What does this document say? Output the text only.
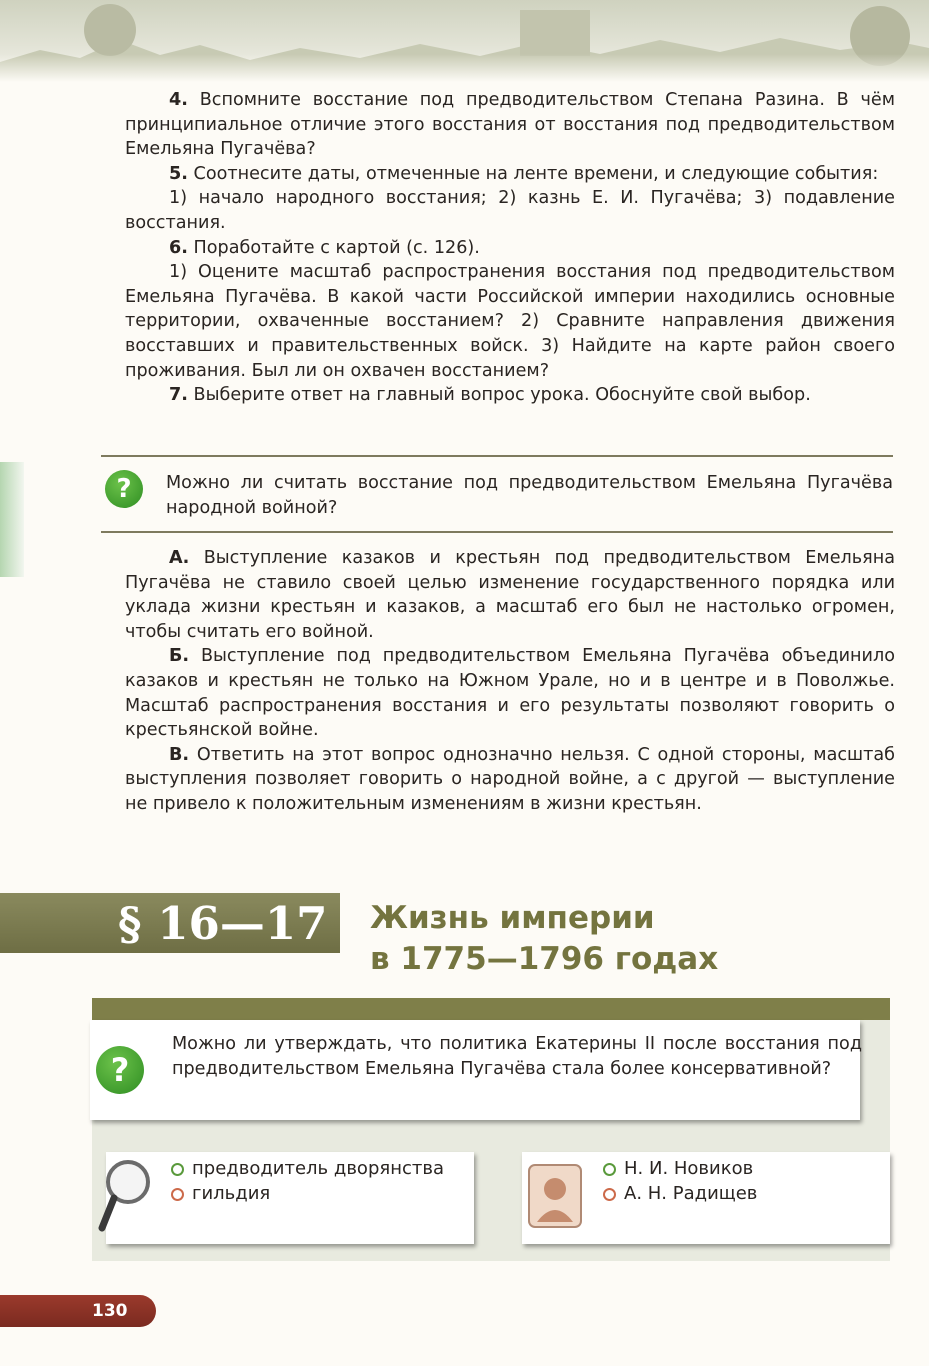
4. Вспомните восстание под предводительством Степана Разина. В чём принципиальное отличие этого восстания от восстания под предводительством Емельяна Пугачёва?

5. Соотнесите даты, отмеченные на ленте времени, и следующие события:

1) начало народного восстания; 2) казнь Е. И. Пугачёва; 3) подавление восстания.

6. Поработайте с картой (с. 126).

1) Оцените масштаб распространения восстания под предводительством Емельяна Пугачёва. В какой части Российской империи находились основные территории, охваченные восстанием? 2) Сравните направления движения восставших и правительственных войск. 3) Найдите на карте район своего проживания. Был ли он охвачен восстанием?

7. Выберите ответ на главный вопрос урока. Обоснуйте свой выбор.

?	Можно ли считать восстание под предводительством Емельяна Пугачёва народной войной?

А. Выступление казаков и крестьян под предводительством Емельяна Пугачёва не ставило своей целью изменение государственного порядка или уклада жизни крестьян и казаков, а масштаб его был не настолько огромен, чтобы считать его войной.

Б. Выступление под предводительством Емельяна Пугачёва объединило казаков и крестьян не только на Южном Урале, но и в центре и в Поволжье. Масштаб распространения восстания и его результаты позволяют говорить о крестьянской войне.

В. Ответить на этот вопрос однозначно нельзя. С одной стороны, масштаб выступления позволяет говорить о народной войне, а с другой — выступление не привело к положительным изменениям в жизни крестьян.

§ 16—17 Жизнь империи
в 1775—1796 годах
?

Можно ли утверждать, что политика Екатерины II после восстания под предводительством Емельяна Пугачёва стала более консервативной?

предводитель дворянства
гильдия
Н. И. Новиков
А. Н. Радищев
130
